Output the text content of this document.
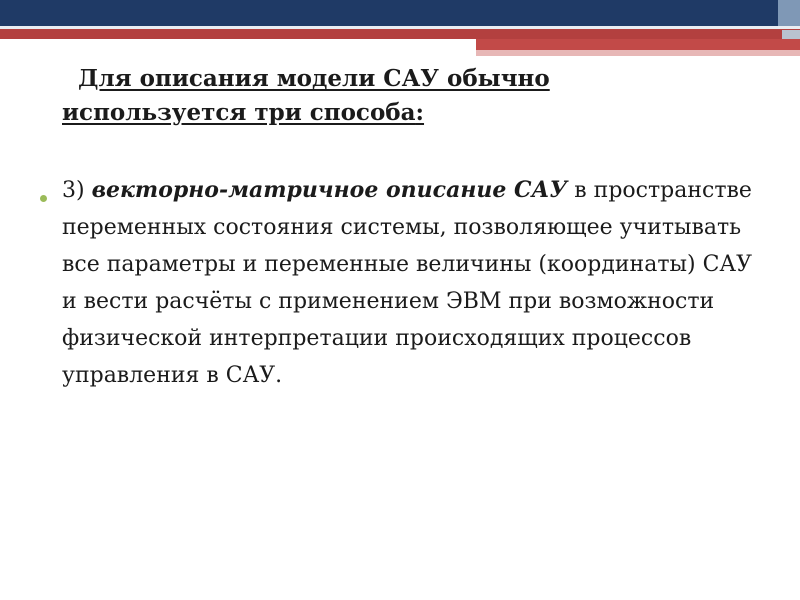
Для описания модели САУ обычно используется три способа:

3) векторно-матричное описание САУ в пространстве переменных состояния системы, позволяющее учитывать все параметры и переменные величины (координаты) САУ и вести расчёты с применением ЭВМ при возможности физической интерпретации происходящих процессов управления в САУ.
